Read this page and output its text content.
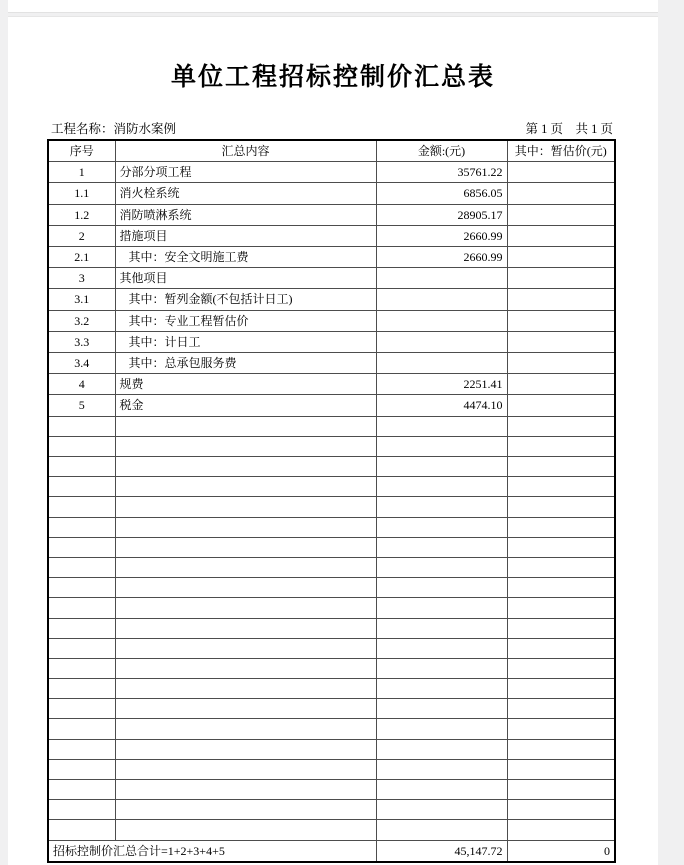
单位工程招标控制价汇总表
工程名称：消防水案例	第 1 页　共 1 页
序号	汇总内容	金额:(元)	其中：暂估价(元)
1	分部分项工程	35761.22	
1.1	消火栓系统	6856.05	
1.2	消防喷淋系统	28905.17	
2	措施项目	2660.99	
2.1	其中：安全文明施工费	2660.99	
3	其他项目		
3.1	其中：暂列金额(不包括计日工)		
3.2	其中：专业工程暂估价		
3.3	其中：计日工		
3.4	其中：总承包服务费		
4	规费	2251.41	
5	税金	4474.10	

招标控制价汇总合计=1+2+3+4+5		45,147.72	0
